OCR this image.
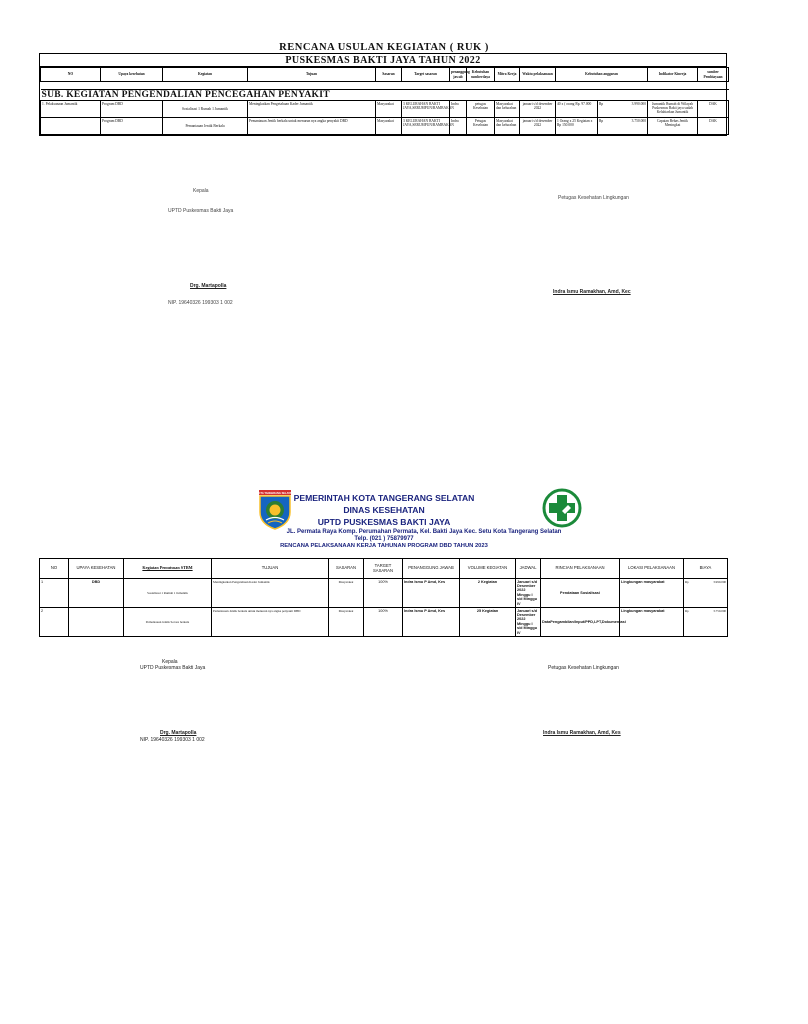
RENCANA USULAN KEGIATAN ( RUK )
PUSKESMAS BAKTI JAYA TAHUN 2022
NO	Upaya kesehatan	Kegiatan	Tujuan	Sasaran	Target sasaran	penanggung jawab	Kebutuhan sumberdaya	Mitra Kerja	Waktu pelaksanaan	Kebutuhan anggaran		Indikator Kinerja	sumber Pembiayaan

SUB. KEGIATAN PENGENDALIAN PENCEGAHAN PENYAKIT													
1. Pelaksanaan Jumantik	Program DBD	Sosialisasi 1 Rumah 1 Jumantik	Meningkatkan Pengetahuan Kader Jumantik	Masyarakat	3 KELURAHAN BAKTI JAYA,SERUMPUN/BAMBAKAN	Indra	petugas Kesehatan	Masyarakat dan kelurahan	januari s/d desember 2022	40 x ( orang Rp. 97.000	Rp 3.990.000	Jumantik Rumah di Wilayah Puskesmas Bakti jaya sudah Kelahiarkan Jumantik	DAK
	Program DBD	Pemantauan Jentik Berkala	Pemantauan Jentik berkala untuk menurun nya angka penyakit DBD	Masyarakat	3 KELURAHAN BAKTI JAYA,SERUMPUN/BAMBAKAN	Indra	Petugas Kesehatan	Masyarakat dan kelurahan	januari s/d desember 2022	1 Orang x 25 Kegiatan x Rp 150.000	Rp 3.750.000	Capaian Bebas Jentik Meningkat	DAK
Kepala
UPTD Puskesmas Bakti Jaya
Drg. Martapolla
NIP. 19640326 199303 1 002
Petugas Kesehatan Lingkungan
Indra Ismu Ramakhan, Amd, Kec
KOTA TANGERANG SELATAN PEMERINTAH KOTA TANGERANG SELATAN
DINAS KESEHATAN
UPTD PUSKESMAS BAKTI JAYA
JL. Permata Raya Komp. Perumahan Permata, Kel. Bakti Jaya Kec. Setu Kota Tangerang Selatan
Telp. (021 ) 75879977
RENCANA PELAKSANAAN KERJA TAHUNAN PROGRAM DBD TAHUN 2023
NO	UPAYA KESEHATAN	Kegiatan Pemutusan STBM	TUJUAN	SASARAN	TARGET SASARAN	PENANGGUNG JAWAB	VOLUME KEGIATAN	JADWAL	RINCIAN PELAKSANAAN	LOKASI PELAKSANAAN	BIAYA	
1	DBD	Sosialisasi 1 Rumah 1 Jumantik	Meningkatkan Pengetahuan Kader Jumantik	Masyarakat	100%	Indra Ismu P Amd, Kes	2 Kegiatan	Januari s/d Desember 2022 Minggu I s/d Minggu IV	Pendataan Sosialisasi	Lingkungan masyarakat	Rp	3.990.000
2		Pemantauan Jentik Secara berkala	Pemantauan Jentik berkala untuk menurun nya angka penyakit DBD	Masyarakat	100%	Indra Ismu P Amd, Kes	25 Kegiatan	Januari s/d Desember 2022 Minggu I s/d Minggu IV	DataPengambilan/Input/PPD,LPT,Dokumentasi	Lingkungan masyarakat	Rp	3.750.000
Kepala
UPTD Puskesmas Bakti Jaya
Drg. Martapolla
NIP. 19640326 199303 1 002
Petugas Kesehatan Lingkungan
Indra Ismu Ramakhan, Amd, Kes
